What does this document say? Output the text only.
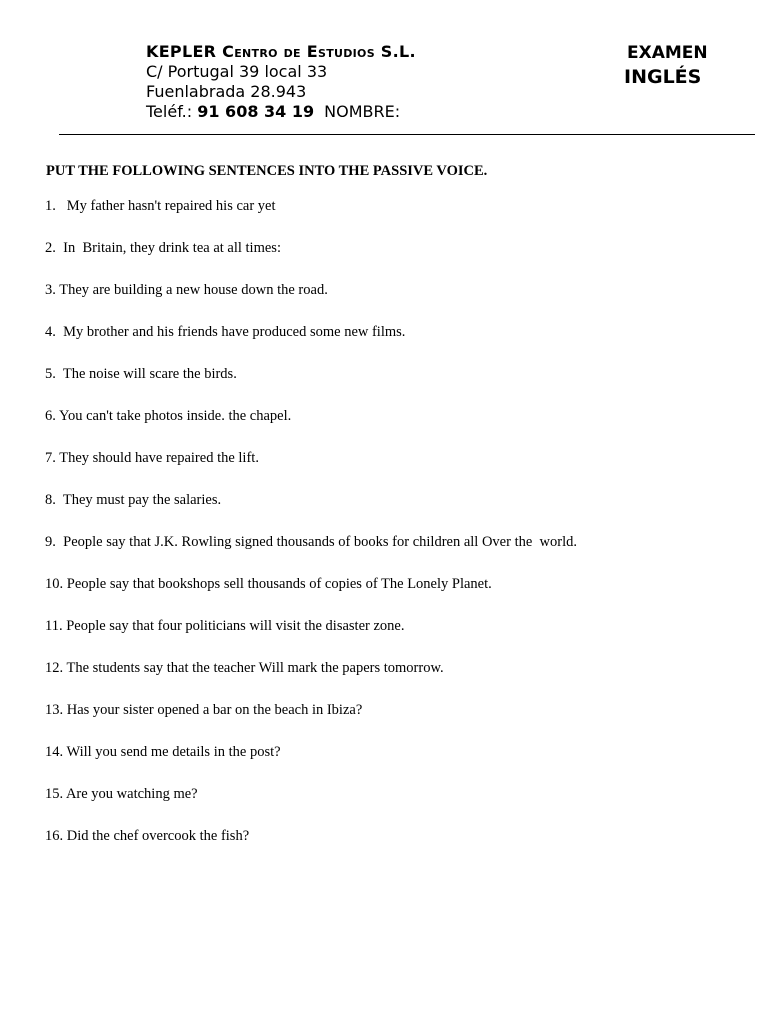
KEPLER Centro de Estudios S.L.
C/ Portugal 39 local 33
Fuenlabrada 28.943
Teléf.: 91 608 34 19 NOMBRE:
EXAMEN
INGLÉS
PUT THE FOLLOWING SENTENCES INTO THE PASSIVE VOICE.
1.   My father hasn't repaired his car yet
2.  In  Britain, they drink tea at all times:
3. They are building a new house down the road.
4.  My brother and his friends have produced some new films.
5.  The noise will scare the birds.
6. You can't take photos inside. the chapel.
7. They should have repaired the lift.
8.  They must pay the salaries.
9.  People say that J.K. Rowling signed thousands of books for children all Over the  world.
10. People say that bookshops sell thousands of copies of The Lonely Planet.
11. People say that four politicians will visit the disaster zone.
12. The students say that the teacher Will mark the papers tomorrow.
13. Has your sister opened a bar on the beach in Ibiza?
14. Will you send me details in the post?
15. Are you watching me?
16. Did the chef overcook the fish?
